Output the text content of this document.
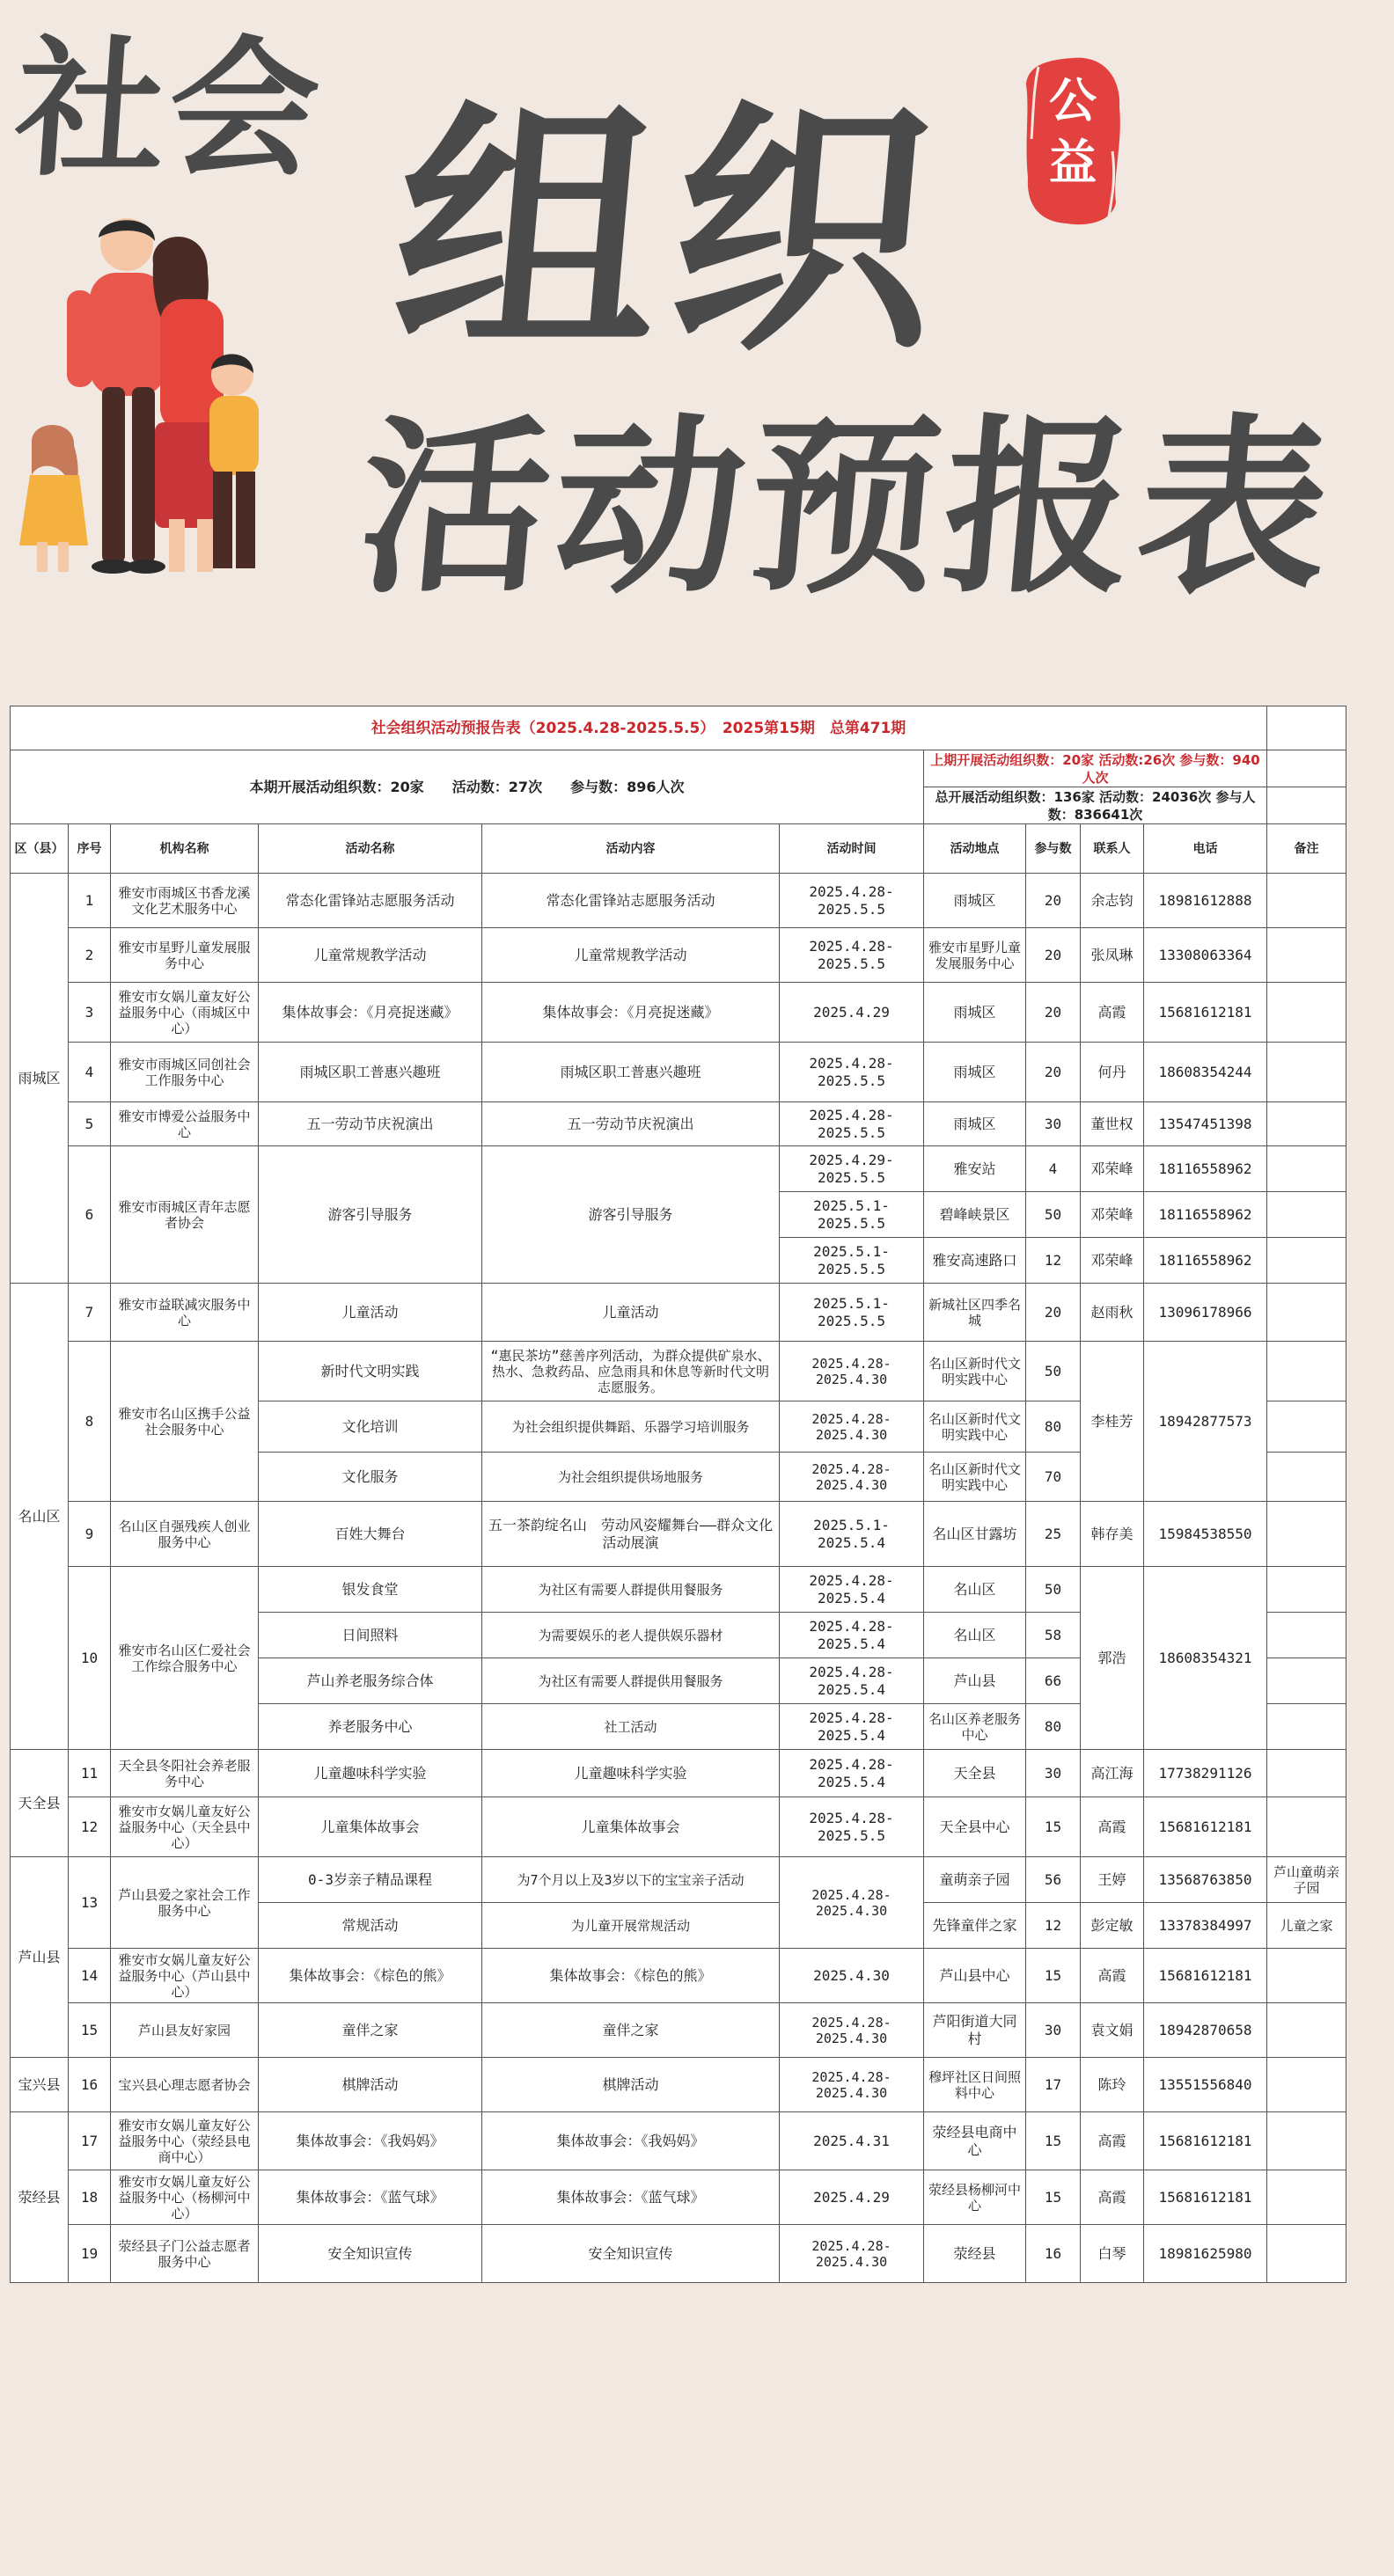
社会 组织
活动预报表
公
益
社会组织活动预报告表（2025.4.28-2025.5.5）　2025第15期　总第471期										
本期开展活动组织数：20家　　活动数：27次　　参与数：896人次						上期开展活动组织数：20家 活动数:26次 参与数：940人次				
						总开展活动组织数：136家 活动数：24036次 参与人数：836641次				
区（县）	序号	机构名称	活动名称	活动内容	活动时间	活动地点	参与数	联系人	电话	备注
雨城区	1	雅安市雨城区书香龙溪文化艺术服务中心	常态化雷锋站志愿服务活动	常态化雷锋站志愿服务活动	2025.4.28-2025.5.5	雨城区	20	余志钧	18981612888	
	2	雅安市星野儿童发展服务中心	儿童常规教学活动	儿童常规教学活动	2025.4.28-2025.5.5	雅安市星野儿童发展服务中心	20	张凤琳	13308063364	
	3	雅安市女娲儿童友好公益服务中心（雨城区中心）	集体故事会：《月亮捉迷藏》	集体故事会：《月亮捉迷藏》	2025.4.29	雨城区	20	高霞	15681612181	
	4	雅安市雨城区同创社会工作服务中心	雨城区职工普惠兴趣班	雨城区职工普惠兴趣班	2025.4.28-2025.5.5	雨城区	20	何丹	18608354244	
	5	雅安市博爱公益服务中心	五一劳动节庆祝演出	五一劳动节庆祝演出	2025.4.28-2025.5.5	雨城区	30	董世权	13547451398	
	6	雅安市雨城区青年志愿者协会	游客引导服务	游客引导服务	2025.4.29-2025.5.5	雅安站	4	邓荣峰	18116558962	
					2025.5.1-2025.5.5	碧峰峡景区	50	邓荣峰	18116558962	
					2025.5.1-2025.5.5	雅安高速路口	12	邓荣峰	18116558962	
名山区	7	雅安市益联减灾服务中心	儿童活动	儿童活动	2025.5.1-2025.5.5	新城社区四季名城	20	赵雨秋	13096178966	
	8	雅安市名山区携手公益社会服务中心	新时代文明实践	“惠民茶坊”慈善序列活动，为群众提供矿泉水、热水、急救药品、应急雨具和休息等新时代文明志愿服务。	2025.4.28-2025.4.30	名山区新时代文明实践中心	50	李桂芳	18942877573	
			文化培训	为社会组织提供舞蹈、乐器学习培训服务	2025.4.28-2025.4.30	名山区新时代文明实践中心	80			
			文化服务	为社会组织提供场地服务	2025.4.28-2025.4.30	名山区新时代文明实践中心	70			
	9	名山区自强残疾人创业服务中心	百姓大舞台	五一茶韵绽名山　劳动风姿耀舞台——群众文化活动展演	2025.5.1-2025.5.4	名山区甘露坊	25	韩存美	15984538550	
	10	雅安市名山区仁爱社会工作综合服务中心	银发食堂	为社区有需要人群提供用餐服务	2025.4.28-2025.5.4	名山区	50	郭浩	18608354321	
			日间照料	为需要娱乐的老人提供娱乐器材	2025.4.28-2025.5.4	名山区	58			
			芦山养老服务综合体	为社区有需要人群提供用餐服务	2025.4.28-2025.5.4	芦山县	66			
			养老服务中心	社工活动	2025.4.28-2025.5.4	名山区养老服务中心	80			
天全县	11	天全县冬阳社会养老服务中心	儿童趣味科学实验	儿童趣味科学实验	2025.4.28-2025.5.4	天全县	30	高江海	17738291126	
	12	雅安市女娲儿童友好公益服务中心（天全县中心）	儿童集体故事会	儿童集体故事会	2025.4.28-2025.5.5	天全县中心	15	高霞	15681612181	
芦山县	13	芦山县爱之家社会工作服务中心	0-3岁亲子精品课程	为7个月以上及3岁以下的宝宝亲子活动	2025.4.28-2025.4.30	童萌亲子园	56	王婷	13568763850	芦山童萌亲子园
			常规活动	为儿童开展常规活动		先锋童伴之家	12	彭定敏	13378384997	儿童之家
	14	雅安市女娲儿童友好公益服务中心（芦山县中心）	集体故事会：《棕色的熊》	集体故事会：《棕色的熊》	2025.4.30	芦山县中心	15	高霞	15681612181	
	15	芦山县友好家园	童伴之家	童伴之家	2025.4.28-2025.4.30	芦阳街道大同村	30	袁文娟	18942870658	
宝兴县	16	宝兴县心理志愿者协会	棋牌活动	棋牌活动	2025.4.28-2025.4.30	穆坪社区日间照料中心	17	陈玲	13551556840	
荥经县	17	雅安市女娲儿童友好公益服务中心（荥经县电商中心）	集体故事会：《我妈妈》	集体故事会：《我妈妈》	2025.4.31	荥经县电商中心	15	高霞	15681612181	
	18	雅安市女娲儿童友好公益服务中心（杨柳河中心）	集体故事会：《蓝气球》	集体故事会：《蓝气球》	2025.4.29	荥经县杨柳河中心	15	高霞	15681612181	
	19	荥经县子门公益志愿者服务中心	安全知识宣传	安全知识宣传	2025.4.28-2025.4.30	荥经县	16	白琴	18981625980	
